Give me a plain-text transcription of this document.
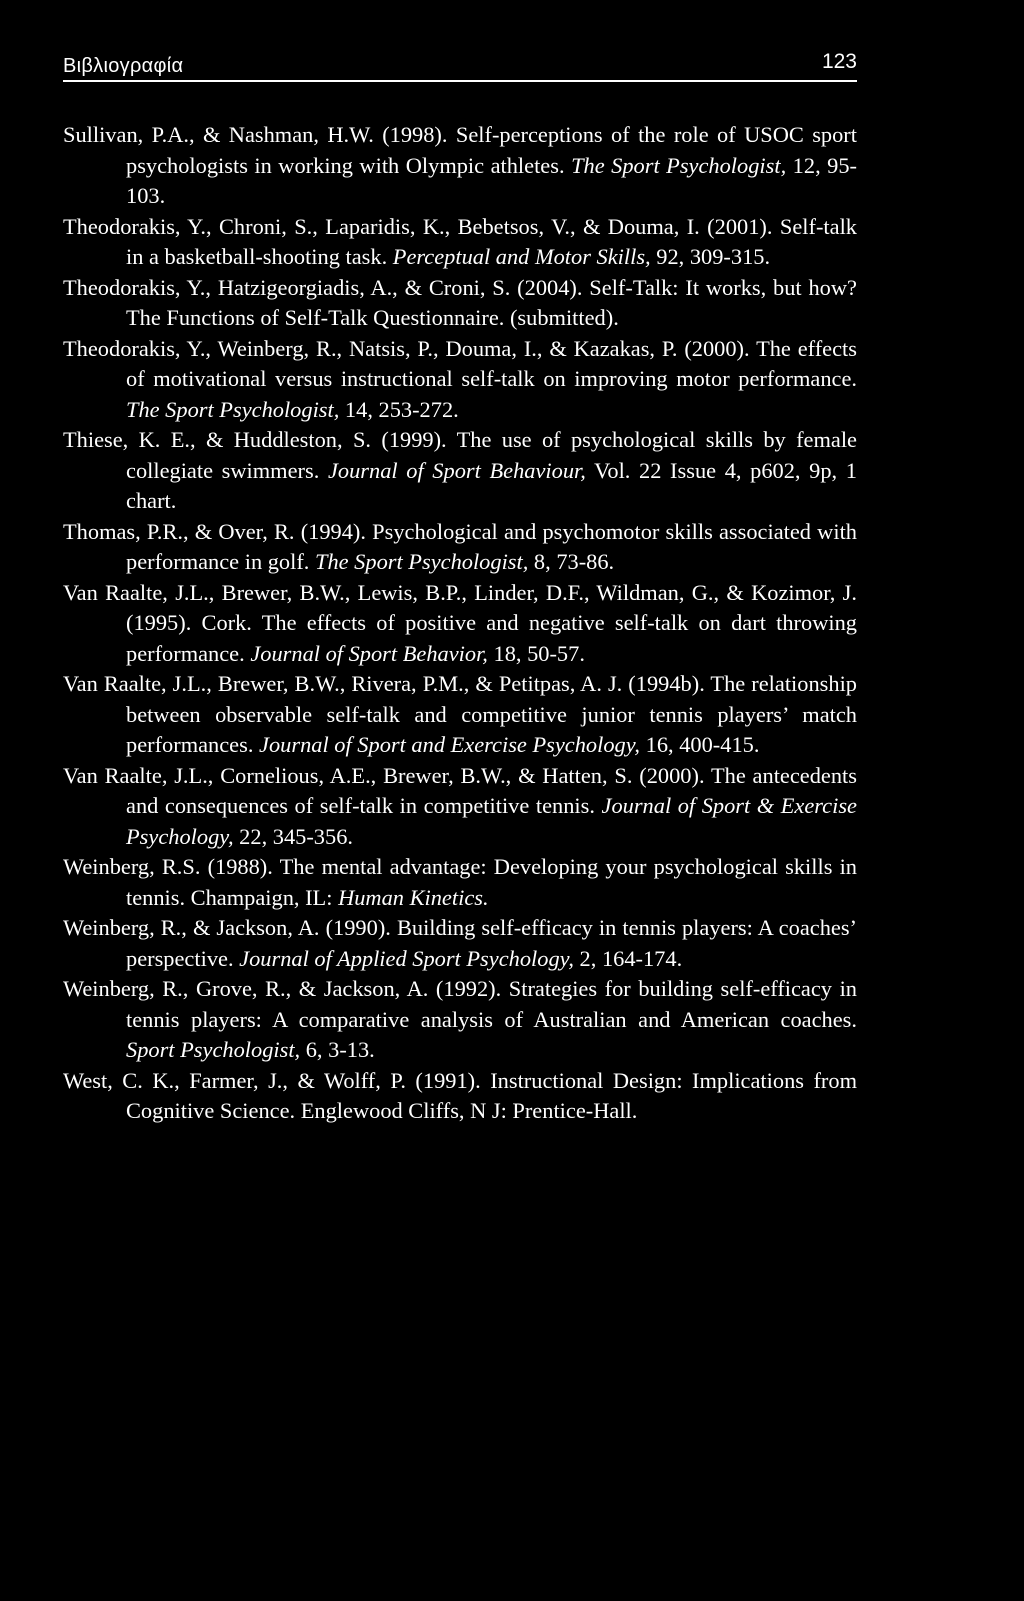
Βιβλιογραφία	123

Sullivan, P.A., & Nashman, H.W. (1998). Self-perceptions of the role of USOC sport psychologists in working with Olympic athletes. The Sport Psychologist, 12, 95-103.

Theodorakis, Y., Chroni, S., Laparidis, K., Bebetsos, V., & Douma, I. (2001). Self-talk in a basketball-shooting task. Perceptual and Motor Skills, 92, 309-315.

Theodorakis, Y., Hatzigeorgiadis, A., & Croni, S. (2004). Self-Talk: It works, but how? The Functions of Self-Talk Questionnaire. (submitted).

Theodorakis, Y., Weinberg, R., Natsis, P., Douma, I., & Kazakas, P. (2000). The effects of motivational versus instructional self-talk on improving motor performance. The Sport Psychologist, 14, 253-272.

Thiese, K. E., & Huddleston, S. (1999). The use of psychological skills by female collegiate swimmers. Journal of Sport Behaviour, Vol. 22 Issue 4, p602, 9p, 1 chart.

Thomas, P.R., & Over, R. (1994). Psychological and psychomotor skills associated with performance in golf. The Sport Psychologist, 8, 73-86.

Van Raalte, J.L., Brewer, B.W., Lewis, B.P., Linder, D.F., Wildman, G., & Kozimor, J. (1995). Cork. The effects of positive and negative self-talk on dart throwing performance. Journal of Sport Behavior, 18, 50-57.

Van Raalte, J.L., Brewer, B.W., Rivera, P.M., & Petitpas, A. J. (1994b). The relationship between observable self-talk and competitive junior tennis players’ match performances. Journal of Sport and Exercise Psychology, 16, 400-415.

Van Raalte, J.L., Cornelious, A.E., Brewer, B.W., & Hatten, S. (2000). The antecedents and consequences of self-talk in competitive tennis. Journal of Sport & Exercise Psychology, 22, 345-356.

Weinberg, R.S. (1988). The mental advantage: Developing your psychological skills in tennis. Champaign, IL: Human Kinetics.

Weinberg, R., & Jackson, A. (1990). Building self-efficacy in tennis players: A coaches’ perspective. Journal of Applied Sport Psychology, 2, 164-174.

Weinberg, R., Grove, R., & Jackson, A. (1992). Strategies for building self-efficacy in tennis players: A comparative analysis of Australian and American coaches. Sport Psychologist, 6, 3-13.

West, C. K., Farmer, J., & Wolff, P. (1991). Instructional Design: Implications from Cognitive Science. Englewood Cliffs, N J: Prentice-Hall.
